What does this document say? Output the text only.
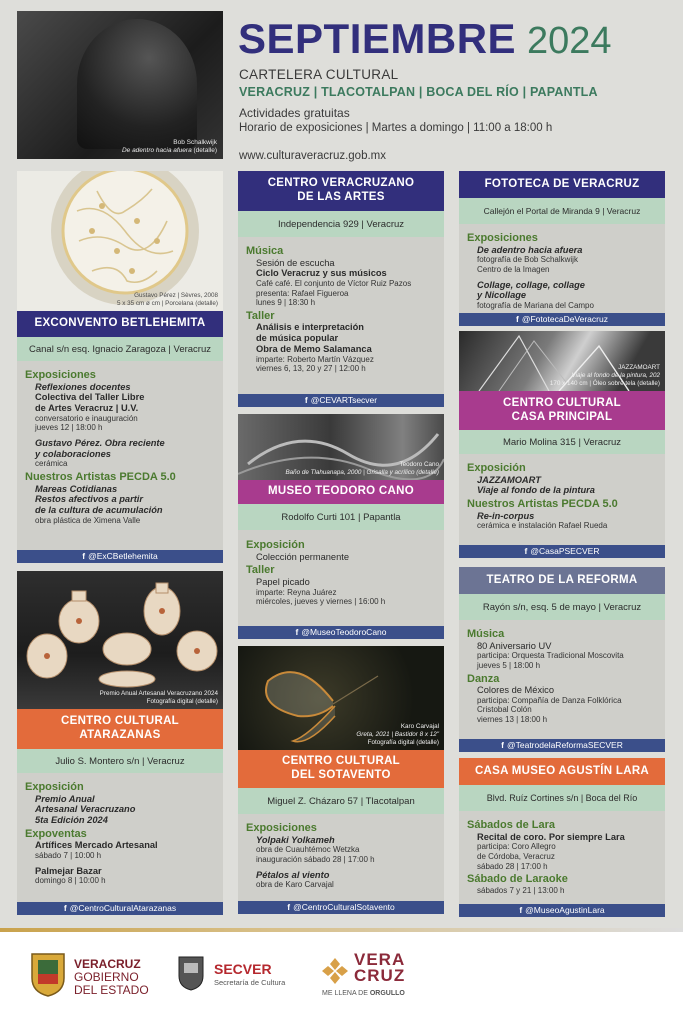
Bob Schalkwijk
De adentro hacia afuera (detalle)
SEPTIEMBRE 2024
CARTELERA CULTURAL
VERACRUZ | TLACOTALPAN | BOCA DEL RÍO | PAPANTLA
Actividades gratuitas
Horario de exposiciones | Martes a domingo | 11:00 a 18:00 h
www.culturaveracruz.gob.mx
Gustavo Pérez | Sèvres, 2008
5 x 35 cm ø cm | Porcelana (detalle)
EXCONVENTO BETLEHEMITA
Canal s/n esq. Ignacio Zaragoza | Veracruz
Exposiciones
Reflexiones docentes
Colectiva del Taller Libre
de Artes Veracruz | U.V.
conversatorio e inauguración
jueves 12 | 18:00 h
Gustavo Pérez. Obra reciente
y colaboraciones
cerámica
Nuestros Artistas PECDA 5.0
Mareas Cotidianas
Restos afectivos a partir
de la cultura de acumulación
obra plástica de Ximena Valle
f @ExCBetlehemita
Premio Anual Artesanal Veracruzano 2024
Fotografía digital (detalle)
CENTRO CULTURAL
ATARAZANAS
Julio S. Montero s/n | Veracruz
Exposición
Premio Anual
Artesanal Veracruzano
5ta Edición 2024
Expoventas
Artífices Mercado Artesanal
sábado 7 | 10:00 h
Palmejar Bazar
domingo 8 | 10:00 h
f @CentroCulturalAtarazanas
CENTRO VERACRUZANO
DE LAS ARTES
Independencia 929 | Veracruz
Música
Sesión de escucha
Ciclo Veracruz y sus músicos
Café café. El conjunto de Víctor Ruiz Pazos
presenta: Rafael Figueroa
lunes 9 | 18:30 h
Taller
Análisis e interpretación
de música popular
Obra de Memo Salamanca
imparte: Roberto Martín Vázquez
viernes 6, 13, 20 y 27 | 12:00 h
f @CEVARTsecver
Teodoro Cano
Baño de Tlahuanapa, 2000 | Grisalla y acrílico (detalle)
MUSEO TEODORO CANO
Rodolfo Curti 101 | Papantla
Exposición
Colección permanente
Taller
Papel picado
imparte: Reyna Juárez
miércoles, jueves y viernes | 16:00 h
f @MuseoTeodoroCano
Karo Carvajal
Greta, 2021 | Bastidor 8 x 12"
Fotografía digital (detalle)
CENTRO CULTURAL
DEL SOTAVENTO
Miguel Z. Cházaro 57 | Tlacotalpan
Exposiciones
Yolpaki Yolkameh
obra de Cuauhtémoc Wetzka
inauguración sábado 28 | 17:00 h
Pétalos al viento
obra de Karo Carvajal
f @CentroCulturalSotavento
FOTOTECA DE VERACRUZ
Callejón el Portal de Miranda 9 | Veracruz
Exposiciones
De adentro hacia afuera
fotografía de Bob Schalkwijk
Centro de la Imagen
Collage, collage, collage
y Nicollage
fotografía de Mariana del Campo
f @FototecaDeVeracruz
JAZZAMOART
Viaje al fondo de la pintura, 202
170 x 140 cm | Óleo sobre tela (detalle)
CENTRO CULTURAL
CASA PRINCIPAL
Mario Molina 315 | Veracruz
Exposición
JAZZAMOART
Viaje al fondo de la pintura
Nuestros Artistas PECDA 5.0
Re-in-corpus
cerámica e instalación Rafael Rueda
f @CasaPSECVER
TEATRO DE LA REFORMA
Rayón s/n, esq. 5 de mayo | Veracruz
Música
80 Aniversario UV
participa: Orquesta Tradicional Moscovita
jueves 5 | 18:00 h
Danza
Colores de México
participa: Compañía de Danza Folklórica
Cristobal Colón
viernes 13 | 18:00 h
f @TeatrodelaReformaSECVER
CASA MUSEO AGUSTÍN LARA
Blvd. Ruíz Cortines s/n | Boca del Río
Sábados de Lara
Recital de coro. Por siempre Lara
participa: Coro Allegro
de Córdoba, Veracruz
sábado 28 | 17:00 h
Sábado de Laraoke
sábados 7 y 21 | 13:00 h
f @MuseoAgustinLara
VERACRUZ
GOBIERNO
DEL ESTADO
SECVER
Secretaría de Cultura
VERA
CRUZ
ME LLENA DE ORGULLO
